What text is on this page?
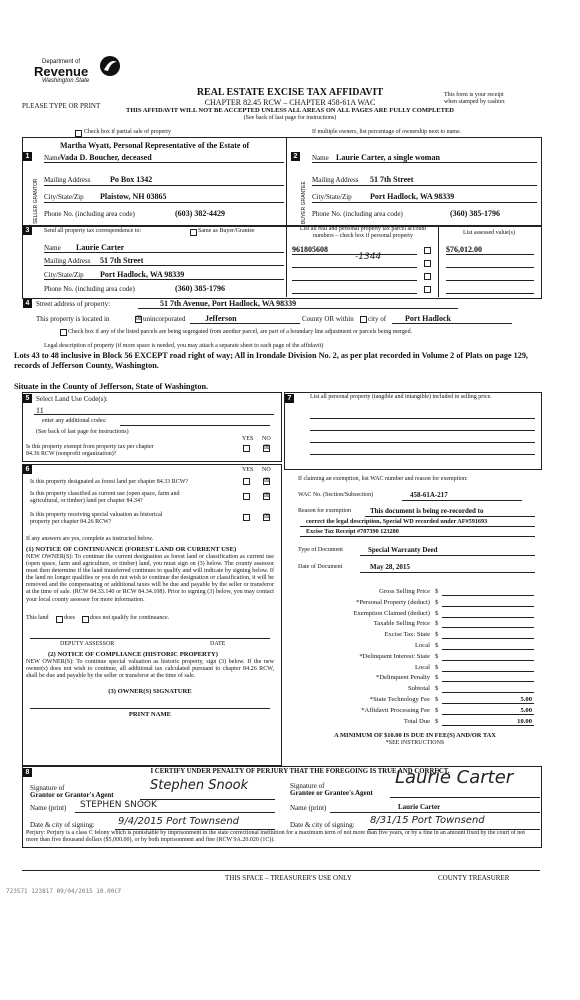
Department of
Revenue
Washington State
REAL ESTATE EXCISE TAX AFFIDAVIT
CHAPTER 82.45 RCW – CHAPTER 458-61A WAC
THIS AFFIDAVIT WILL NOT BE ACCEPTED UNLESS ALL AREAS ON ALL PAGES ARE FULLY COMPLETED
(See back of last page for instructions)
PLEASE TYPE OR PRINT
This form is your receipt
when stamped by cashier.
Check box if partial sale of property	If multiple owners, list percentage of ownership next to name.
1
SELLER GRANTOR
Name
Martha Wyatt, Personal Representative of the Estate of
Vada D. Boucher, deceased
Mailing Address Po Box 1342
City/State/Zip Plaistow, NH 03865
Phone No. (including area code)	(603) 382-4429
2
BUYER GRANTEE
Name Laurie Carter, a single woman
Mailing Address 51 7th Street
City/State/Zip Port Hadlock, WA 98339
Phone No. (including area code)	(360) 385-1796
3	Send all property tax correspondence to:	Same as Buyer/Grantee
Name Laurie Carter
Mailing Address 51 7th Street
City/State/Zip Port Hadlock, WA 98339
Phone No. (including area code)	(360) 385-1796
List all real and personal property tax parcel account
numbers – check box if personal property	List assessed value(s)
961805608
-1344
$76,012.00
4 Street address of property:	51 7th Avenue, Port Hadlock, WA 98339
This property is located in	☒ unincorporated Jefferson	County OR within city of Port Hadlock
Check box if any of the listed parcels are being segregated from another parcel, are part of a boundary line adjustment or parcels being merged.
Legal description of property (if more space is needed, you may attach a separate sheet to each page of the affidavit)
Lots 43 to 48 inclusive in Block 56 EXCEPT road right of way; All in Irondale Division No. 2, as per plat recorded in Volume 2 of Plats on page 129, records of Jefferson County, Washington.
Situate in the County of Jefferson, State of Washington.
5 Select Land Use Code(s):
11
enter any additional codes:
(See back of last page for instructions)
YES NO
Is this property exempt from property tax per chapter
84.36 RCW (nonprofit organization)?
☒
6	YES NO
Is this property designated as forest land per chapter 84.33 RCW?	☒
Is this property classified as current use (open space, farm and
agricultural, or timber) land per chapter 84.34?
☒
Is this property receiving special valuation as historical
property per chapter 84.26 RCW?
☒
If any answers are yes, complete as instructed below.
(1) NOTICE OF CONTINUANCE (FOREST LAND OR CURRENT USE)
NEW OWNER(S): To continue the current designation as forest land or classification as current use (open space, farm and agriculture, or timber) land, you must sign on (3) below. The county assessor must then determine if the land transferred continues to qualify and will indicate by signing below. If the land no longer qualifies or you do not wish to continue the designation or classification, it will be removed and the compensating or additional taxes will be due and payable by the seller or transferor at the time of sale. (RCW 84.33.140 or RCW 84.34.108). Prior to signing (3) below, you may contact your local county assessor for more information.
This land	does	does not qualify for continuance.
DEPUTY ASSESSOR	DATE
(2) NOTICE OF COMPLIANCE (HISTORIC PROPERTY)
NEW OWNER(S): To continue special valuation as historic property, sign (3) below. If the new owner(s) does not wish to continue, all additional tax calculated pursuant to chapter 84.26 RCW, shall be due and payable by the seller or transferor at the time of sale.
(3) OWNER(S) SIGNATURE
PRINT NAME
7	List all personal property (tangible and intangible) included in selling price.
If claiming an exemption, list WAC number and reason for exemption:
WAC No. (Section/Subsection)	458-61A-217
Reason for exemption	This document is being re-recorded to
correct the legal description, Special WD recorded under AF#591693
Excise Tax Receipt #707390 123280
Type of Document	Special Warranty Deed
Date of Document	May 28, 2015
Gross Selling Price $
*Personal Property (deduct) $
Exemption Claimed (deduct) $
Taxable Selling Price $
Excise Tax: State $
Local $
*Delinquent Interest: State $
Local $
*Delinquent Penalty $
Subtotal $
*State Technology Fee $	5.00
*Affidavit Processing Fee $	5.00
Total Due $	10.00
A MINIMUM OF $10.00 IS DUE IN FEE(S) AND/OR TAX
*SEE INSTRUCTIONS
8	I CERTIFY UNDER PENALTY OF PERJURY THAT THE FOREGOING IS TRUE AND CORRECT.
Signature of
Grantor or Grantor's Agent
Stephen Snook	Signature of
Grantee or Grantee's Agent
Laurie Carter
Name (print) STEPHEN SNOOK	Name (print)	Laurie Carter
Date & city of signing: 9/4/2015 Port Townsend	Date & city of signing: 8/31/15 Port Townsend
Perjury: Perjury is a class C felony which is punishable by imprisonment in the state correctional institution for a maximum term of not more than five years, or by a fine in an amount fixed by the court of not more than five thousand dollars ($5,000.00), or by both imprisonment and fine (RCW 9A.20.020 (1C)).
THIS SPACE – TREASURER'S USE ONLY	COUNTY TREASURER
723571 123817 09/04/2015 10.00CF
